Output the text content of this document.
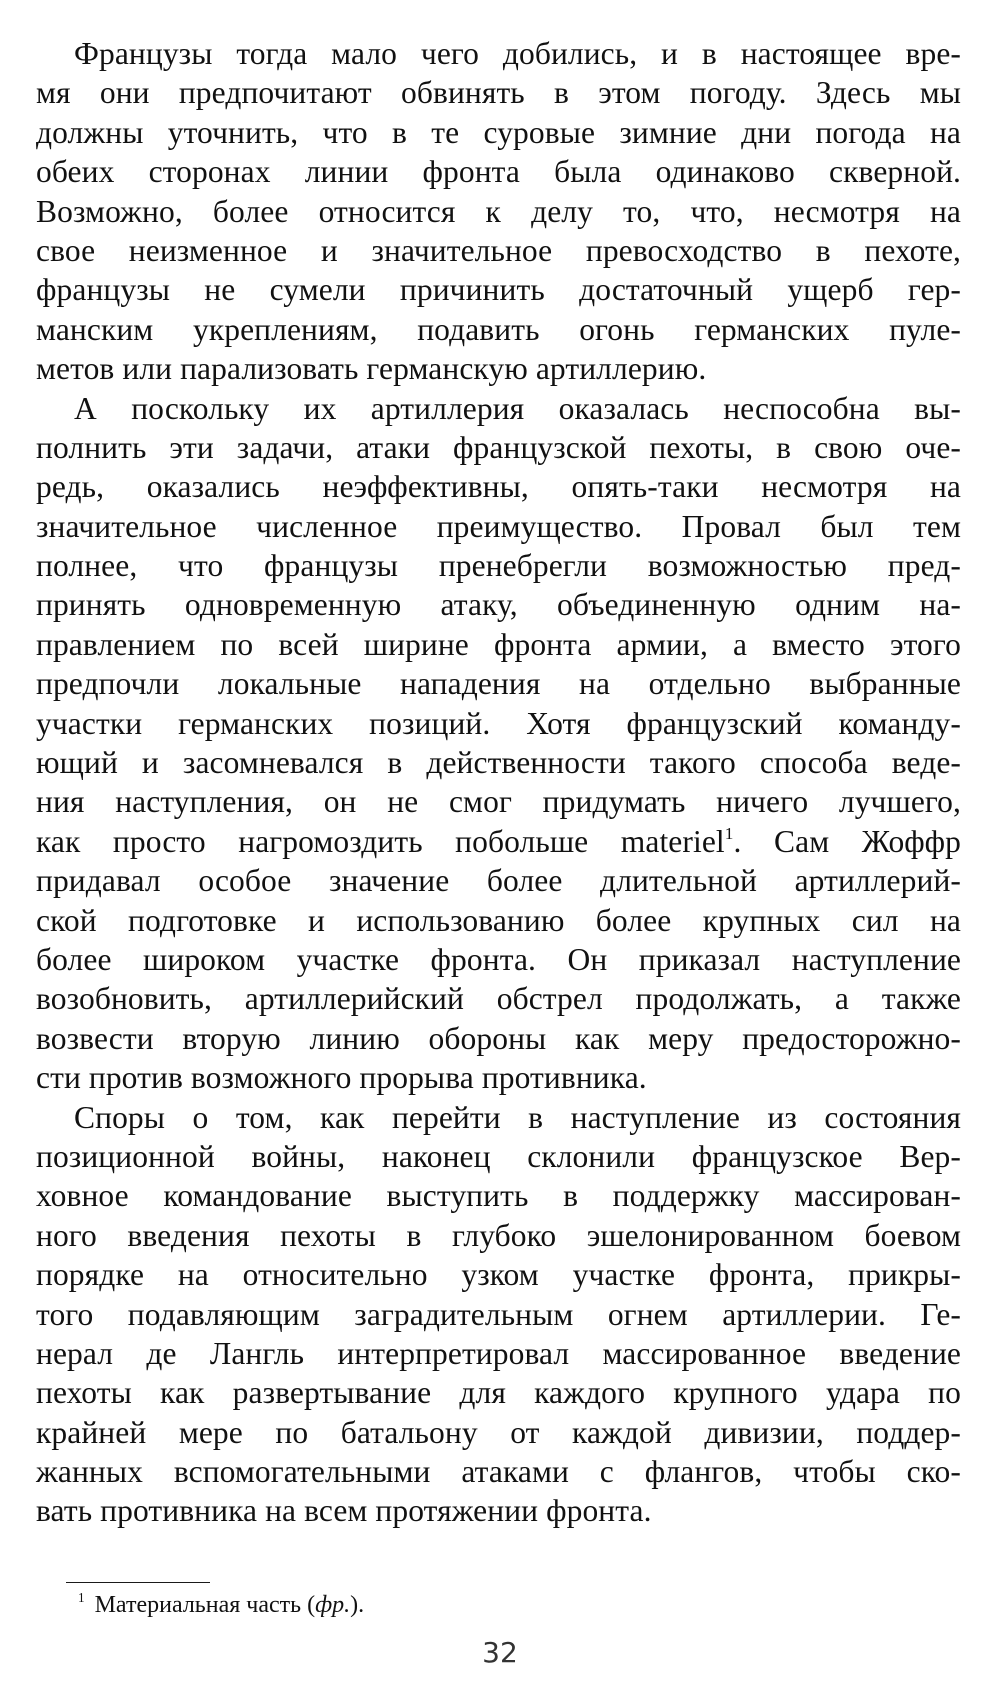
Французы тогда мало чего добились, и в настоящее вре-
мя они предпочитают обвинять в этом погоду. Здесь мы
должны уточнить, что в те суровые зимние дни погода на
обеих сторонах линии фронта была одинаково скверной.
Возможно, более относится к делу то, что, несмотря на
свое неизменное и значительное превосходство в пехоте,
французы не сумели причинить достаточный ущерб гер-
манским укреплениям, подавить огонь германских пуле-
метов или парализовать германскую артиллерию.
А поскольку их артиллерия оказалась неспособна вы-
полнить эти задачи, атаки французской пехоты, в свою оче-
редь, оказались неэффективны, опять-таки несмотря на
значительное численное преимущество. Провал был тем
полнее, что французы пренебрегли возможностью пред-
принять одновременную атаку, объединенную одним на-
правлением по всей ширине фронта армии, а вместо этого
предпочли локальные нападения на отдельно выбранные
участки германских позиций. Хотя французский команду-
ющий и засомневался в действенности такого способа веде-
ния наступления, он не смог придумать ничего лучшего,
как просто нагромоздить побольше materiel$^1$. Сам Жоффр
придавал особое значение более длительной артиллерий-
ской подготовке и использованию более крупных сил на
более широком участке фронта. Он приказал наступление
возобновить, артиллерийский обстрел продолжать, а также
возвести вторую линию обороны как меру предосторожно-
сти против возможного прорыва противника.
Споры о том, как перейти в наступление из состояния
позиционной войны, наконец склонили французское Вер-
ховное командование выступить в поддержку массирован-
ного введения пехоты в глубоко эшелонированном боевом
порядке на относительно узком участке фронта, прикры-
того подавляющим заградительным огнем артиллерии. Ге-
нерал де Лангль интерпретировал массированное введение
пехоты как развертывание для каждого крупного удара по
крайней мере по батальону от каждой дивизии, поддер-
жанных вспомогательными атаками с флангов, чтобы ско-
вать противника на всем протяжении фронта.
$^1$ Материальная часть (фр.).
32
